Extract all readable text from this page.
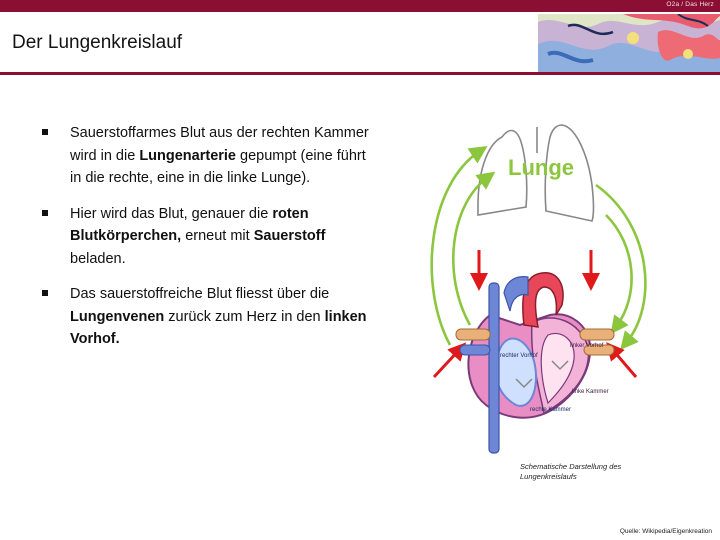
O2a / Das Herz
Der Lungenkreislauf
Sauerstoffarmes Blut aus der rechten Kammer wird in die Lungenarterie gepumpt (eine führt in die rechte, eine in die linke Lunge).
Hier wird das Blut, genauer die roten Blutkörperchen, erneut mit Sauerstoff beladen.
Das sauerstoffreiche Blut fliesst über die Lungenvenen zurück zum Herz in den linken Vorhof.
Lunge
Aorta
rechter Vorhof
linker Vorhof
linke Kammer
rechte Kammer
Schematische Darstellung des Lungenkreislaufs
Quelle: Wikipedia/Eigenkreation
